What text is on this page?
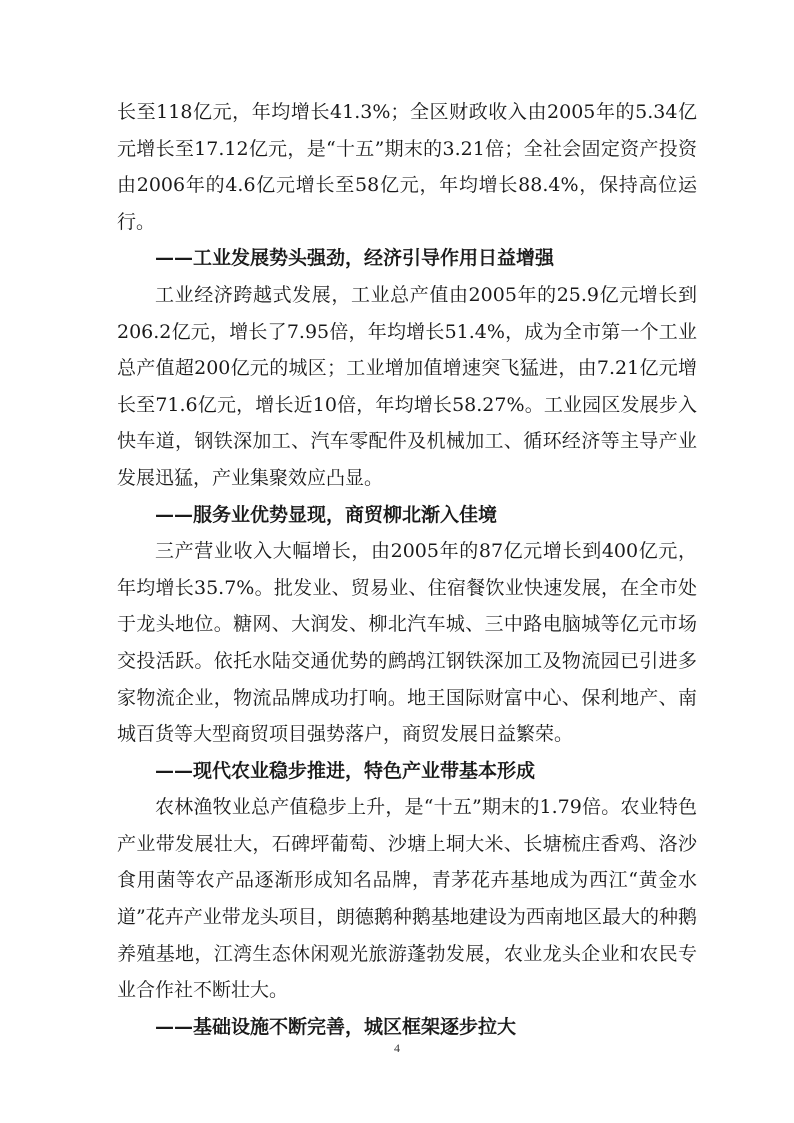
长至118亿元，年均增长41.3%；全区财政收入由2005年的5.34亿元增长至17.12亿元，是“十五”期末的3.21倍；全社会固定资产投资由2006年的4.6亿元增长至58亿元，年均增长88.4%，保持高位运行。

——工业发展势头强劲，经济引导作用日益增强

工业经济跨越式发展，工业总产值由2005年的25.9亿元增长到206.2亿元，增长了7.95倍，年均增长51.4%，成为全市第一个工业总产值超200亿元的城区；工业增加值增速突飞猛进，由7.21亿元增长至71.6亿元，增长近10倍，年均增长58.27%。工业园区发展步入快车道，钢铁深加工、汽车零配件及机械加工、循环经济等主导产业发展迅猛，产业集聚效应凸显。

——服务业优势显现，商贸柳北渐入佳境

三产营业收入大幅增长，由2005年的87亿元增长到400亿元，年均增长35.7%。批发业、贸易业、住宿餐饮业快速发展，在全市处于龙头地位。糖网、大润发、柳北汽车城、三中路电脑城等亿元市场交投活跃。依托水陆交通优势的鹧鸪江钢铁深加工及物流园已引进多家物流企业，物流品牌成功打响。地王国际财富中心、保利地产、南城百货等大型商贸项目强势落户，商贸发展日益繁荣。

——现代农业稳步推进，特色产业带基本形成

农林渔牧业总产值稳步上升，是“十五”期末的1.79倍。农业特色产业带发展壮大，石碑坪葡萄、沙塘上垌大米、长塘梳庄香鸡、洛沙食用菌等农产品逐渐形成知名品牌，青茅花卉基地成为西江“黄金水道”花卉产业带龙头项目，朗德鹅种鹅基地建设为西南地区最大的种鹅养殖基地，江湾生态休闲观光旅游蓬勃发展，农业龙头企业和农民专业合作社不断壮大。

——基础设施不断完善，城区框架逐步拉大

4
